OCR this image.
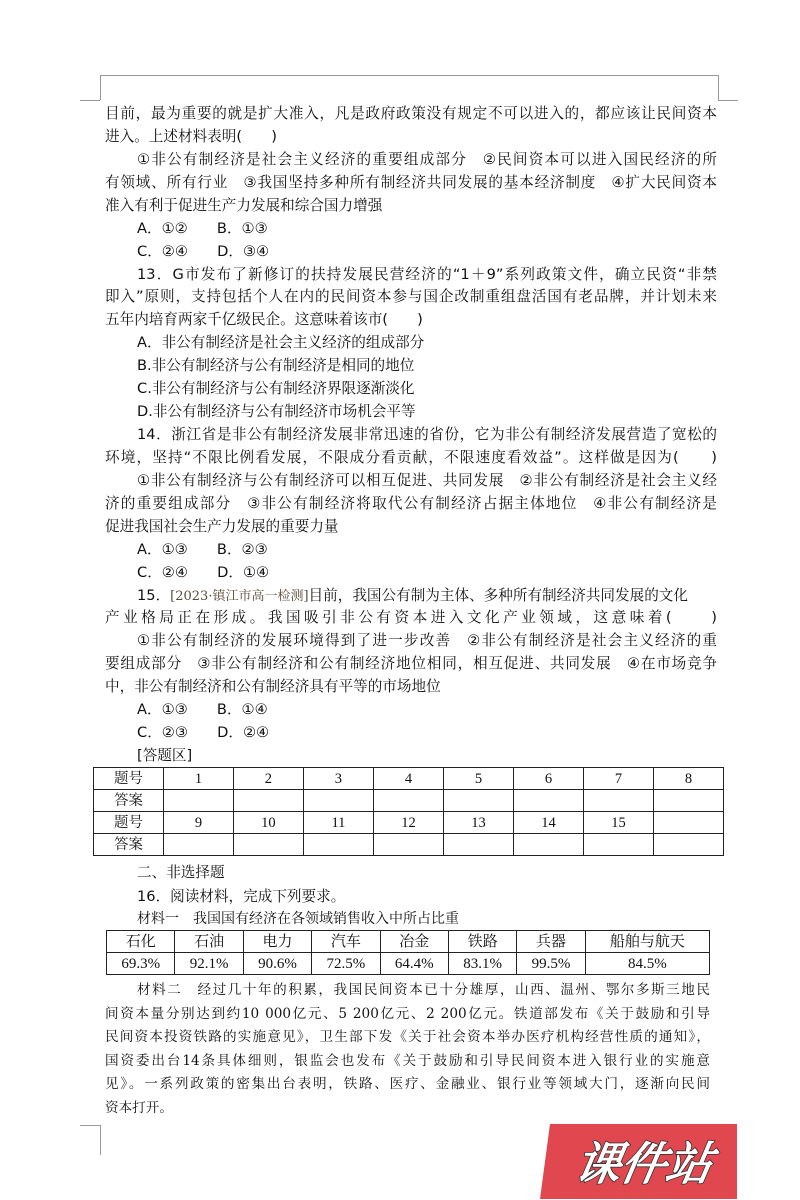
目前，最为重要的就是扩大准入，凡是政府政策没有规定不可以进入的，都应该让民间资本
进入。上述材料表明(　　)
①非公有制经济是社会主义经济的重要组成部分　②民间资本可以进入国民经济的所
有领域、所有行业　③我国坚持多种所有制经济共同发展的基本经济制度　④扩大民间资本
准入有利于促进生产力发展和综合国力增强
A．①②　　B．①③
C．②④　　D．③④
13．G市发布了新修订的扶持发展民营经济的“1＋9”系列政策文件，确立民资“非禁
即入”原则，支持包括个人在内的民间资本参与国企改制重组盘活国有老品牌，并计划未来
五年内培育两家千亿级民企。这意味着该市(　　)
A．非公有制经济是社会主义经济的组成部分
B.非公有制经济与公有制经济是相同的地位
C.非公有制经济与公有制经济界限逐渐淡化
D.非公有制经济与公有制经济市场机会平等
14．浙江省是非公有制经济发展非常迅速的省份，它为非公有制经济发展营造了宽松的
环境，坚持“不限比例看发展，不限成分看贡献，不限速度看效益”。这样做是因为(　　)
①非公有制经济与公有制经济可以相互促进、共同发展　②非公有制经济是社会主义经
济的重要组成部分　③非公有制经济将取代公有制经济占据主体地位　④非公有制经济是
促进我国社会生产力发展的重要力量
A．①③　　B．②③
C．②④　　D．①④
15．[2023·镇江市高一检测]目前，我国公有制为主体、多种所有制经济共同发展的文化
产业格局正在形成。我国吸引非公有资本进入文化产业领域，这意味着(　　)
①非公有制经济的发展环境得到了进一步改善　②非公有制经济是社会主义经济的重
要组成部分　③非公有制经济和公有制经济地位相同，相互促进、共同发展　④在市场竞争
中，非公有制经济和公有制经济具有平等的市场地位
A．①③　　B．①④
C．②③　　D．②④
[答题区]
题号	1	2	3	4	5	6	7	8
答案								
题号	9	10	11	12	13	14	15	
答案								
二、非选择题
16．阅读材料，完成下列要求。
材料一　我国国有经济在各领域销售收入中所占比重
石化	石油	电力	汽车	冶金	铁路	兵器	船舶与航天
69.3%	92.1%	90.6%	72.5%	64.4%	83.1%	99.5%	84.5%
材料二　经过几十年的积累，我国民间资本已十分雄厚，山西、温州、鄂尔多斯三地民
间资本量分别达到约10 000亿元、5 200亿元、2 200亿元。铁道部发布《关于鼓励和引导
民间资本投资铁路的实施意见》，卫生部下发《关于社会资本举办医疗机构经营性质的通知》，
国资委出台14条具体细则，银监会也发布《关于鼓励和引导民间资本进入银行业的实施意
见》。一系列政策的密集出台表明，铁路、医疗、金融业、银行业等领域大门，逐渐向民间
资本打开。
课件站
